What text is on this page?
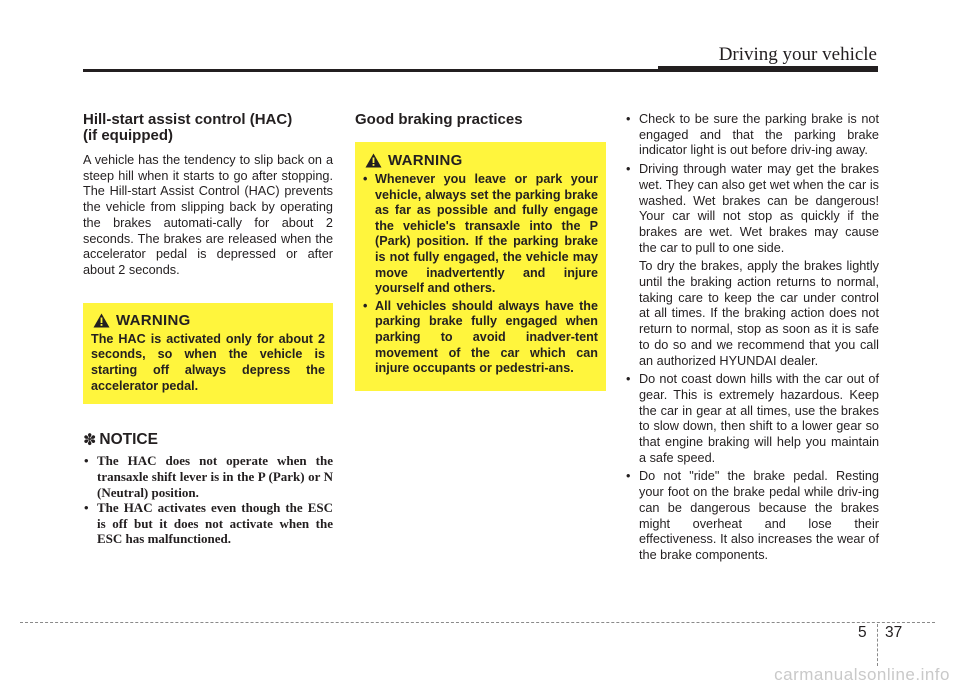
Driving your vehicle
Hill-start assist control (HAC)
(if equipped)

A vehicle has the tendency to slip back on a steep hill when it starts to go after stopping. The Hill-start Assist Control (HAC) prevents the vehicle from slipping back by operating the brakes automati-cally for about 2 seconds. The brakes are released when the accelerator pedal is depressed or after about 2 seconds.

WARNING

The HAC is activated only for about 2 seconds, so when the vehicle is starting off always depress the accelerator pedal.

✽ NOTICE
• The HAC does not operate when the transaxle shift lever is in the P (Park) or N (Neutral) position.
• The HAC activates even though the ESC is off but it does not activate when the ESC has malfunctioned.
Good braking practices
WARNING
• Whenever you leave or park your vehicle, always set the parking brake as far as possible and fully engage the vehicle's transaxle into the P (Park) position. If the parking brake is not fully engaged, the vehicle may move inadvertently and injure yourself and others.
• All vehicles should always have the parking brake fully engaged when parking to avoid inadver-tent movement of the car which can injure occupants or pedestri-ans.

• Check to be sure the parking brake is not engaged and that the parking brake indicator light is out before driv-ing away.

• Driving through water may get the brakes wet. They can also get wet when the car is washed. Wet brakes can be dangerous! Your car will not stop as quickly if the brakes are wet. Wet brakes may cause the car to pull to one side.

To dry the brakes, apply the brakes lightly until the braking action returns to normal, taking care to keep the car under control at all times. If the braking action does not return to normal, stop as soon as it is safe to do so and we recommend that you call an authorized HYUNDAI dealer.

• Do not coast down hills with the car out of gear. This is extremely hazardous. Keep the car in gear at all times, use the brakes to slow down, then shift to a lower gear so that engine braking will help you maintain a safe speed.

• Do not "ride" the brake pedal. Resting your foot on the brake pedal while driv-ing can be dangerous because the brakes might overheat and lose their effectiveness. It also increases the wear of the brake components.

5 37
carmanualsonline.info
